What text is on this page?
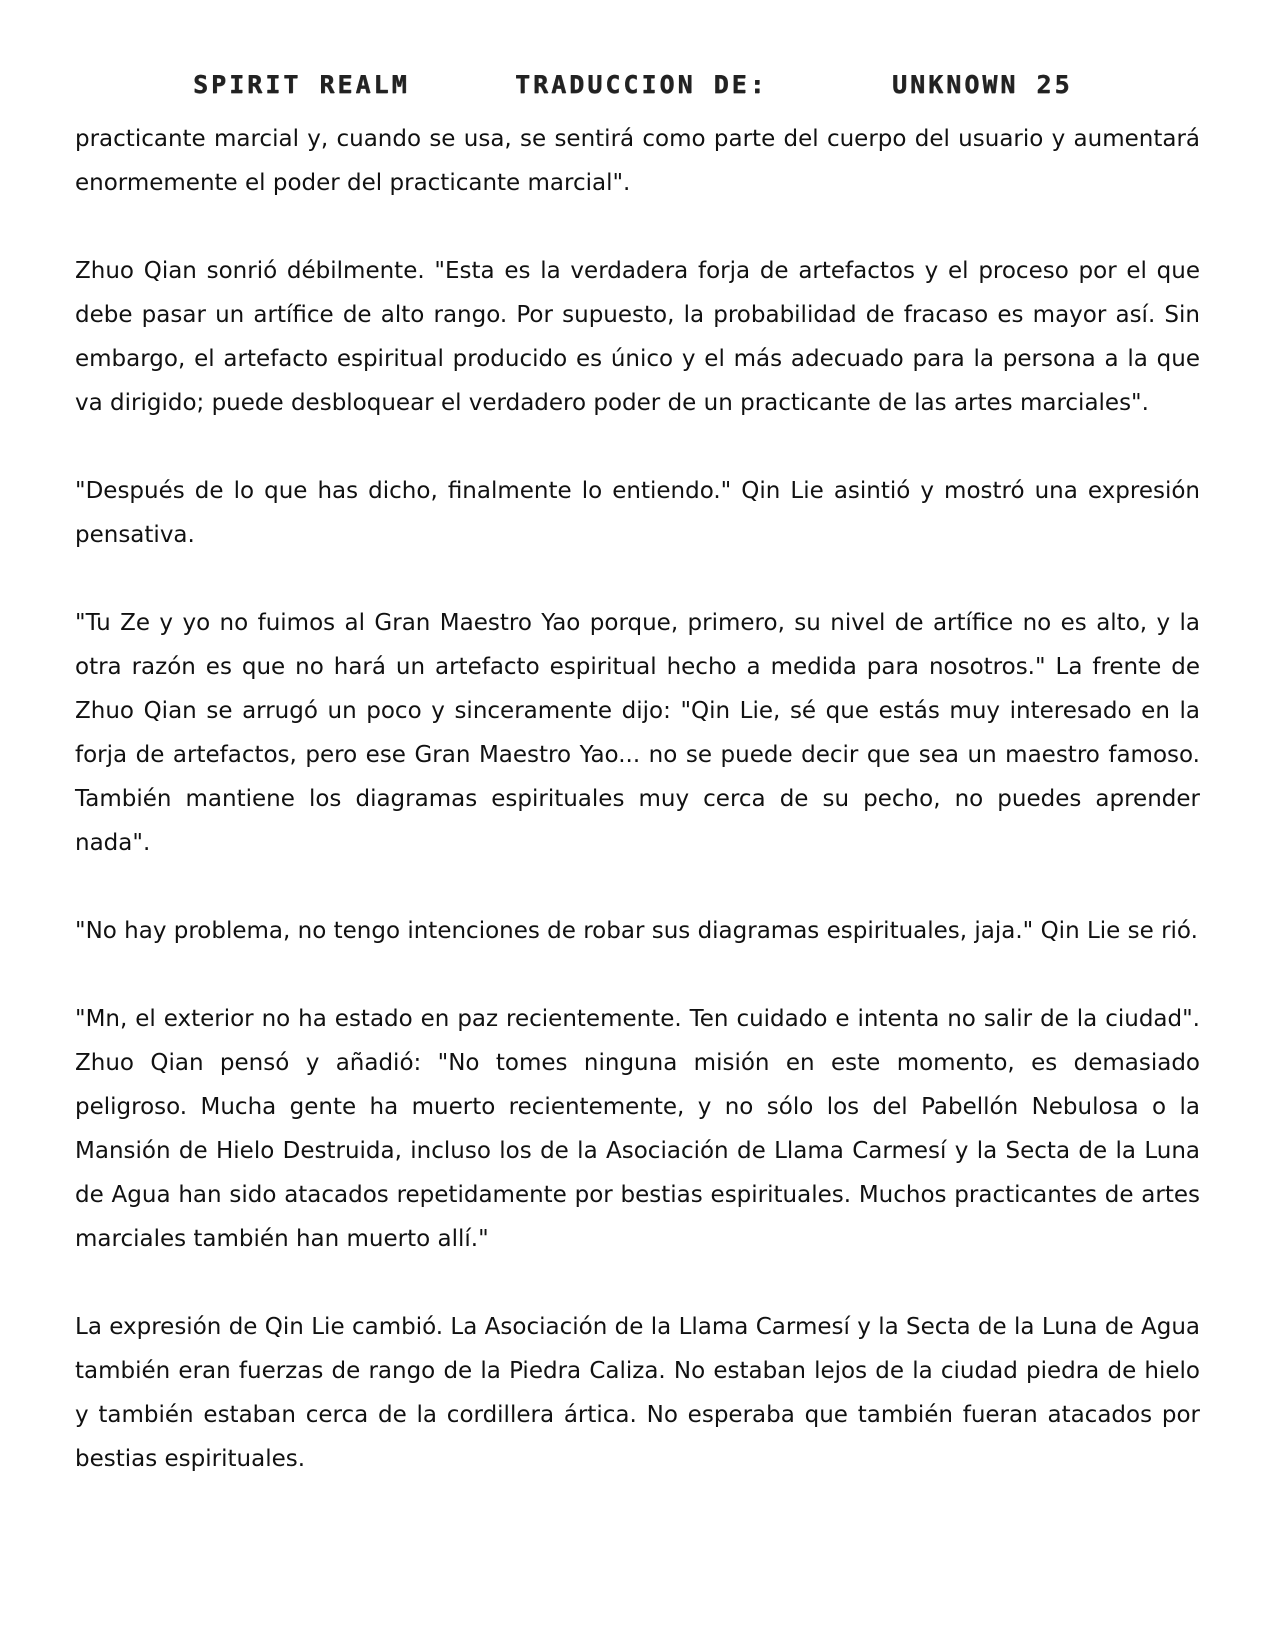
SPIRIT REALM	TRADUCCION DE:	UNKNOWN 25

practicante marcial y, cuando se usa, se sentirá como parte del cuerpo del usuario y aumentará enormemente el poder del practicante marcial".

Zhuo Qian sonrió débilmente. "Esta es la verdadera forja de artefactos y el proceso por el que debe pasar un artífice de alto rango. Por supuesto, la probabilidad de fracaso es mayor así. Sin embargo, el artefacto espiritual producido es único y el más adecuado para la persona a la que va dirigido; puede desbloquear el verdadero poder de un practicante de las artes marciales".

"Después de lo que has dicho, finalmente lo entiendo." Qin Lie asintió y mostró una expresión pensativa.

"Tu Ze y yo no fuimos al Gran Maestro Yao porque, primero, su nivel de artífice no es alto, y la otra razón es que no hará un artefacto espiritual hecho a medida para nosotros." La frente de Zhuo Qian se arrugó un poco y sinceramente dijo: "Qin Lie, sé que estás muy interesado en la forja de artefactos, pero ese Gran Maestro Yao... no se puede decir que sea un maestro famoso. También mantiene los diagramas espirituales muy cerca de su pecho, no puedes aprender nada".

"No hay problema, no tengo intenciones de robar sus diagramas espirituales, jaja." Qin Lie se rió.

"Mn, el exterior no ha estado en paz recientemente. Ten cuidado e intenta no salir de la ciudad". Zhuo Qian pensó y añadió: "No tomes ninguna misión en este momento, es demasiado peligroso. Mucha gente ha muerto recientemente, y no sólo los del Pabellón Nebulosa o la Mansión de Hielo Destruida, incluso los de la Asociación de Llama Carmesí y la Secta de la Luna de Agua han sido atacados repetidamente por bestias espirituales. Muchos practicantes de artes marciales también han muerto allí."

La expresión de Qin Lie cambió. La Asociación de la Llama Carmesí y la Secta de la Luna de Agua también eran fuerzas de rango de la Piedra Caliza. No estaban lejos de la ciudad piedra de hielo y también estaban cerca de la cordillera ártica. No esperaba que también fueran atacados por bestias espirituales.
